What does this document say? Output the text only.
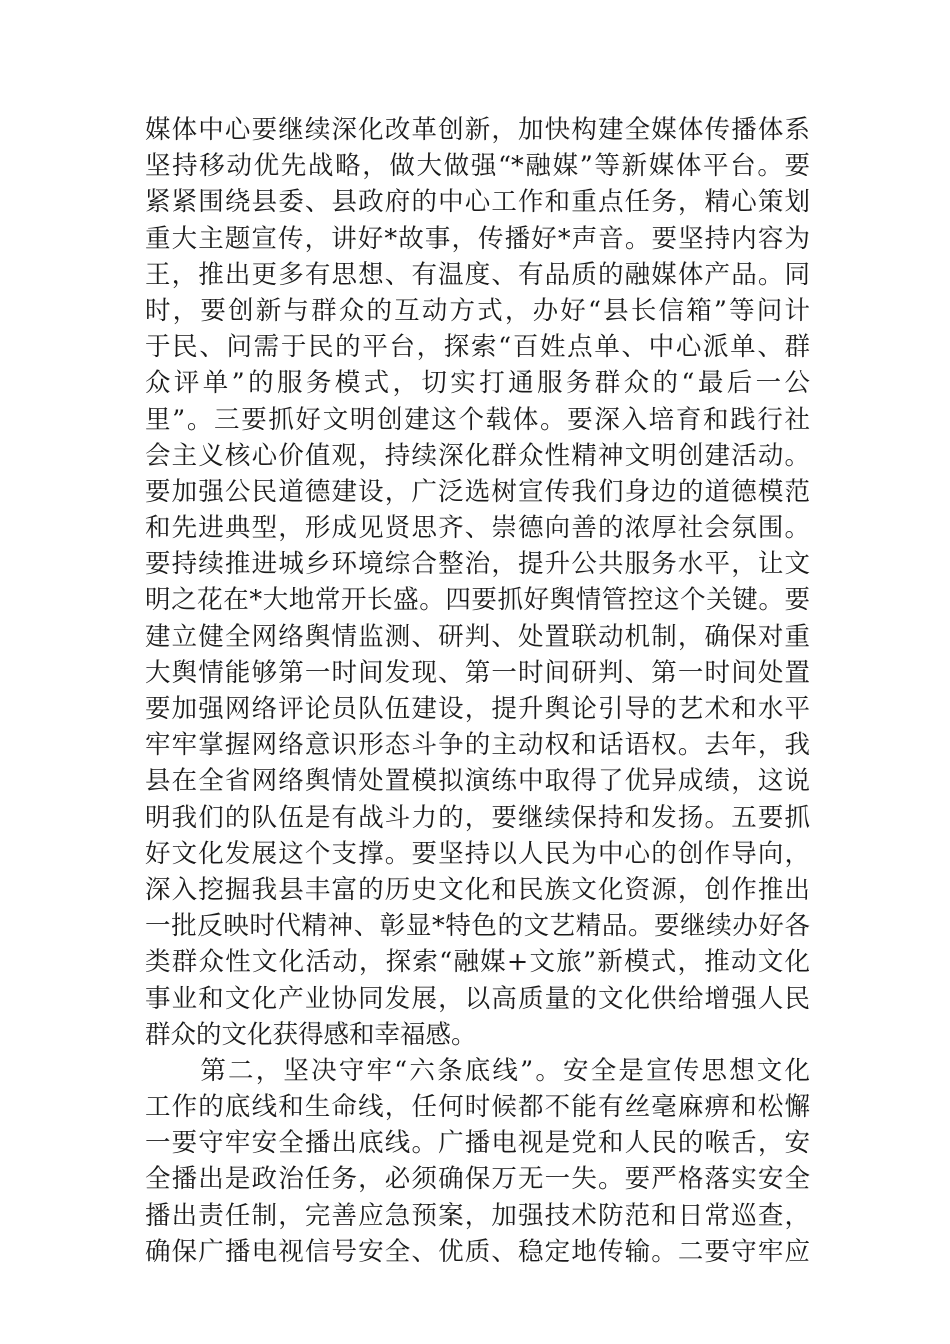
媒体中心要继续深化改革创新，加快构建全媒体传播体系
坚持移动优先战略，做大做强“*融媒”等新媒体平台。要
紧紧围绕县委、县政府的中心工作和重点任务，精心策划
重大主题宣传，讲好*故事，传播好*声音。要坚持内容为
王，推出更多有思想、有温度、有品质的融媒体产品。同
时，要创新与群众的互动方式，办好“县长信箱”等问计
于民、问需于民的平台，探索“百姓点单、中心派单、群
众评单”的服务模式，切实打通服务群众的“最后一公
里”。三要抓好文明创建这个载体。要深入培育和践行社
会主义核心价值观，持续深化群众性精神文明创建活动。
要加强公民道德建设，广泛选树宣传我们身边的道德模范
和先进典型，形成见贤思齐、崇德向善的浓厚社会氛围。
要持续推进城乡环境综合整治，提升公共服务水平，让文
明之花在*大地常开长盛。四要抓好舆情管控这个关键。要
建立健全网络舆情监测、研判、处置联动机制，确保对重
大舆情能够第一时间发现、第一时间研判、第一时间处置
要加强网络评论员队伍建设，提升舆论引导的艺术和水平
牢牢掌握网络意识形态斗争的主动权和话语权。去年，我
县在全省网络舆情处置模拟演练中取得了优异成绩，这说
明我们的队伍是有战斗力的，要继续保持和发扬。五要抓
好文化发展这个支撑。要坚持以人民为中心的创作导向，
深入挖掘我县丰富的历史文化和民族文化资源，创作推出
一批反映时代精神、彰显*特色的文艺精品。要继续办好各
类群众性文化活动，探索“融媒+文旅”新模式，推动文化
事业和文化产业协同发展，以高质量的文化供给增强人民
群众的文化获得感和幸福感。
　　第二，坚决守牢“六条底线”。安全是宣传思想文化
工作的底线和生命线，任何时候都不能有丝毫麻痹和松懈
一要守牢安全播出底线。广播电视是党和人民的喉舌，安
全播出是政治任务，必须确保万无一失。要严格落实安全
播出责任制，完善应急预案，加强技术防范和日常巡查，
确保广播电视信号安全、优质、稳定地传输。二要守牢应
